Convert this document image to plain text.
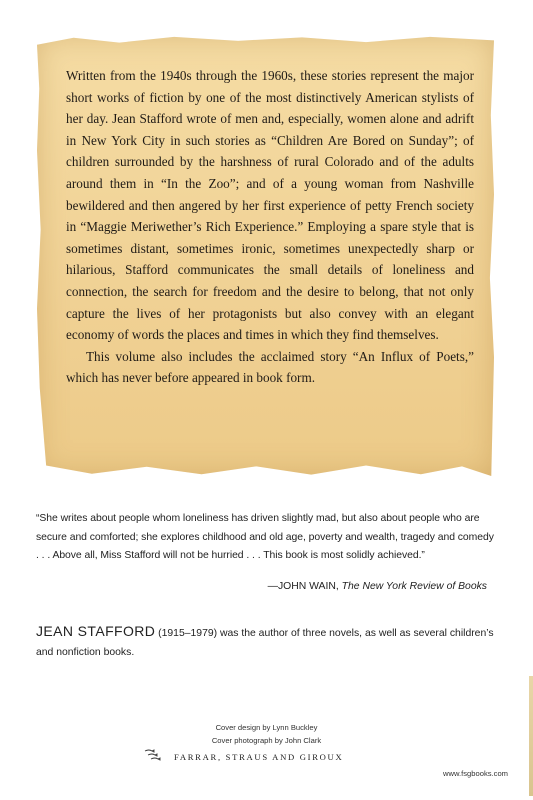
Written from the 1940s through the 1960s, these stories represent the major short works of fiction by one of the most distinctively American stylists of her day. Jean Stafford wrote of men and, especially, women alone and adrift in New York City in such stories as “Children Are Bored on Sunday”; of children surrounded by the harshness of rural Colorado and of the adults around them in “In the Zoo”; and of a young woman from Nashville bewildered and then angered by her first experience of petty French society in “Maggie Meriwether’s Rich Experience.” Employing a spare style that is sometimes distant, sometimes ironic, sometimes unexpectedly sharp or hilarious, Stafford communicates the small details of loneliness and connection, the search for freedom and the desire to belong, that not only capture the lives of her protagonists but also convey with an elegant economy of words the places and times in which they find themselves.

This volume also includes the acclaimed story “An Influx of Poets,” which has never before appeared in book form.

“She writes about people whom loneliness has driven slightly mad, but also about people who are secure and comforted; she explores childhood and old age, poverty and wealth, tragedy and comedy . . . Above all, Miss Stafford will not be hurried . . . This book is most solidly achieved.”

—JOHN WAIN, The New York Review of Books

JEAN STAFFORD (1915–1979) was the author of three novels, as well as several children’s and nonfiction books.

Cover design by Lynn Buckley
Cover photograph by John Clark
FARRAR, STRAUS AND GIROUX
www.fsgbooks.com
